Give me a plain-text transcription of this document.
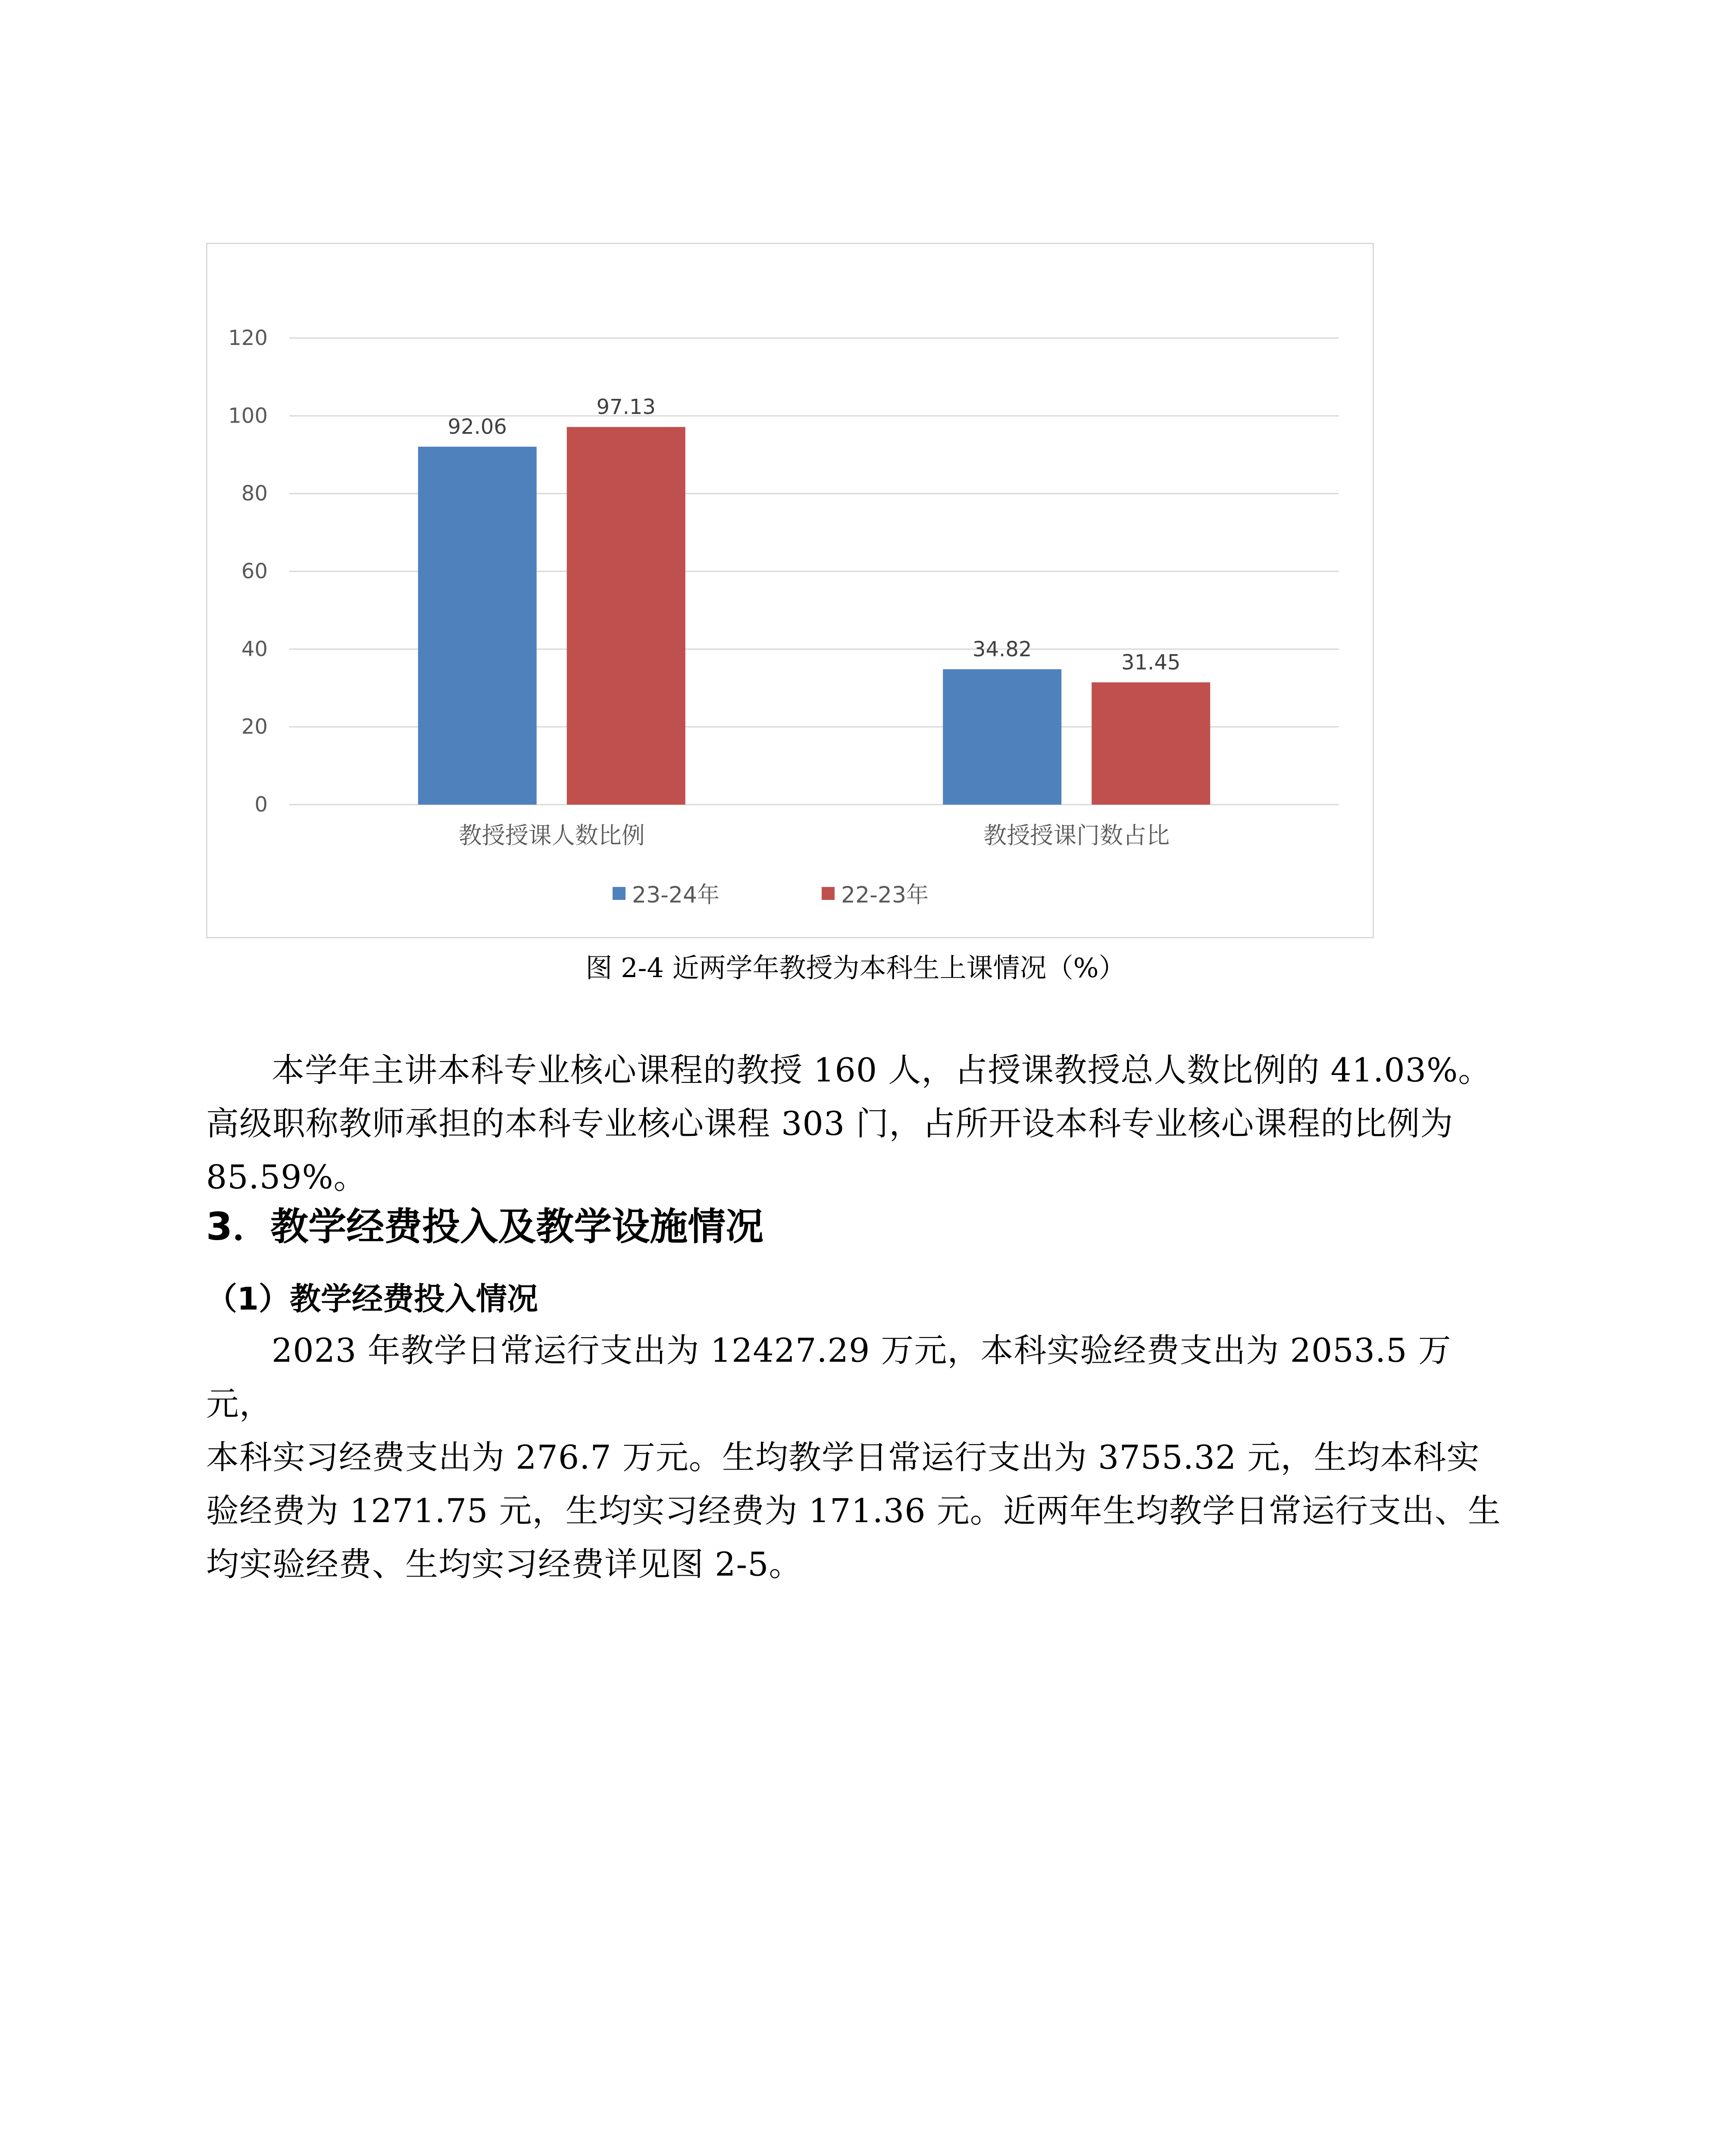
0
20
40
60
80
100
120
92.06
97.13
教授授课人数比例
34.82
31.45
教授授课门数占比
23-24年	22-23年
图 2-4 近两学年教授为本科生上课情况（%）

本学年主讲本科专业核心课程的教授 160 人，占授课教授总人数比例的 41.03%。
高级职称教师承担的本科专业核心课程 303 门，占所开设本科专业核心课程的比例为
85.59%。

3．教学经费投入及教学设施情况
（1）教学经费投入情况

2023 年教学日常运行支出为 12427.29 万元，本科实验经费支出为 2053.5 万元，
本科实习经费支出为 276.7 万元。生均教学日常运行支出为 3755.32 元，生均本科实
验经费为 1271.75 元，生均实习经费为 171.36 元。近两年生均教学日常运行支出、生
均实验经费、生均实习经费详见图 2-5。
